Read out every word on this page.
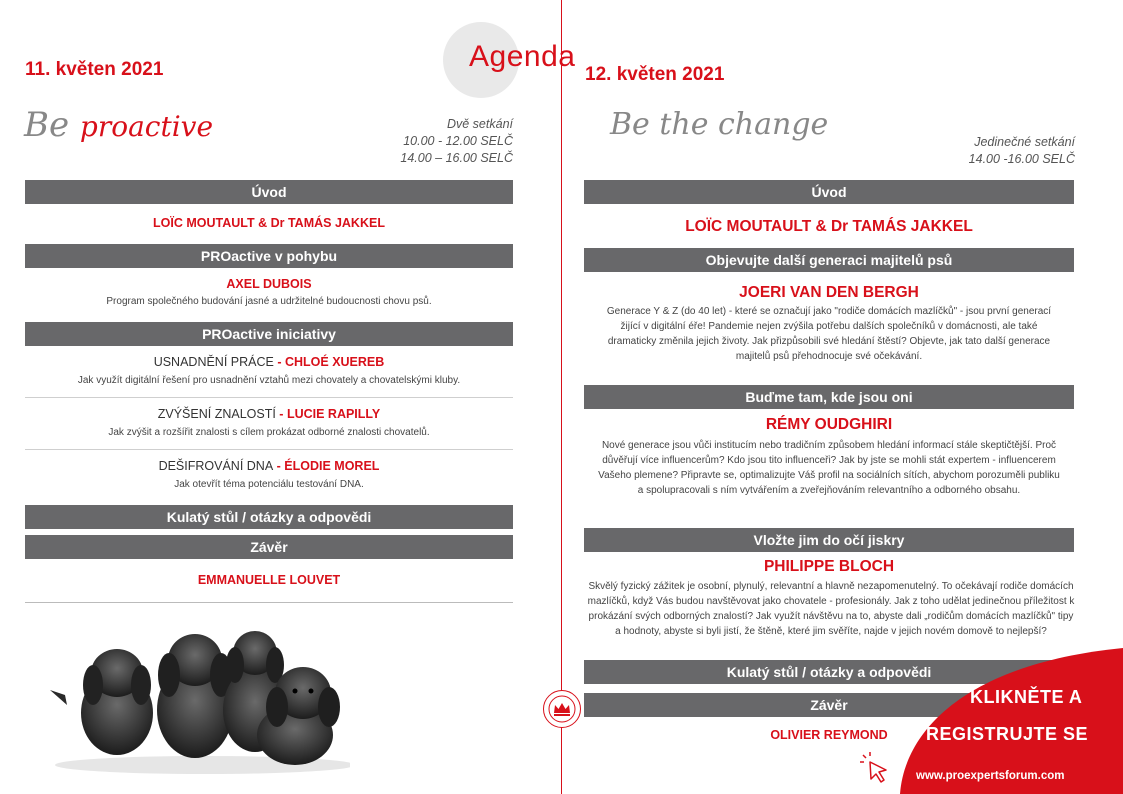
Agenda
11. květen 2021
Be proactive	Dvě setkání
10.00 - 12.00 SELČ
14.00 – 16.00 SELČ
Úvod
LOÏC MOUTAULT & Dr TAMÁS JAKKEL
PROactive v pohybu
AXEL DUBOIS
Program společného budování jasné a udržitelné budoucnosti chovu psů.
PROactive iniciativy
USNADNĚNÍ PRÁCE - CHLOÉ XUEREB
Jak využít digitální řešení pro usnadnění vztahů mezi chovately a chovatelskými kluby.
ZVÝŠENÍ ZNALOSTÍ - LUCIE RAPILLY
Jak zvýšit a rozšířit znalosti s cílem prokázat odborné znalosti chovatelů.
DEŠIFROVÁNÍ DNA - ÉLODIE MOREL
Jak otevřít téma potenciálu testování DNA.
Kulatý stůl / otázky a odpovědi
Závěr
EMMANUELLE LOUVET
12. květen 2021
Be the change	Jedinečné setkání
14.00 -16.00 SELČ
Úvod
LOÏC MOUTAULT & Dr TAMÁS JAKKEL
Objevujte další generaci majitelů psů
JOERI VAN DEN BERGH
Generace Y & Z (do 40 let) - které se označují jako "rodiče domácích mazlíčků" - jsou první generací žijící v digitální éře! Pandemie nejen zvýšila potřebu dalších společníků v domácnosti, ale také dramaticky změnila jejich životy. Jak přizpůsobili své hledání štěstí? Objevte, jak tato další generace majitelů psů přehodnocuje své očekávání.
Buďme tam, kde jsou oni
RÉMY OUDGHIRI
Nové generace jsou vůči institucím nebo tradičním způsobem hledání informací stále skeptičtější. Proč důvěřují více influencerům? Kdo jsou tito influenceři? Jak by jste se mohli stát expertem - influencerem Vašeho plemene? Připravte se, optimalizujte Váš profil na sociálních sítích, abychom porozuměli publiku a spolupracovali s ním vytvářením a zveřejňováním relevantního a odborného obsahu.
Vložte jim do očí jiskry
PHILIPPE BLOCH
Skvělý fyzický zážitek je osobní, plynulý, relevantní a hlavně nezapomenutelný. To očekávají rodiče domácích mazlíčků, když Vás budou navštěvovat jako chovatele - profesionály. Jak z toho udělat jedinečnou příležitost k prokázání svých odborných znalostí? Jak využít návštěvu na to, abyste dali „rodičům domácích mazlíčků" tipy a hodnoty, abyste si byli jistí, že štěně, které jim svěříte, najde v jejich novém domově to nejlepší?
Kulatý stůl / otázky a odpovědi
Závěr
OLIVIER REYMOND
KLIKNĚTE A
REGISTRUJTE SE
www.proexpertsforum.com
